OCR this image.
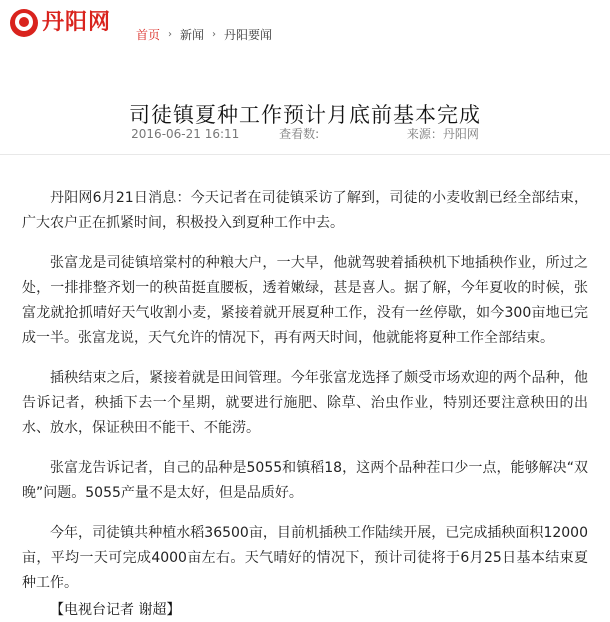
丹阳网 首页 › 新闻 › 丹阳要闻
司徒镇夏种工作预计月底前基本完成
2016-06-21 16:11	查看数:	来源：丹阳网

丹阳网6月21日消息：今天记者在司徒镇采访了解到，司徒的小麦收割已经全部结束，广大农户正在抓紧时间，积极投入到夏种工作中去。

张富龙是司徒镇培棠村的种粮大户，一大早，他就驾驶着插秧机下地插秧作业，所过之处，一排排整齐划一的秧苗挺直腰板，透着嫩绿，甚是喜人。据了解，今年夏收的时候，张富龙就抢抓晴好天气收割小麦，紧接着就开展夏种工作，没有一丝停歇，如今300亩地已完成一半。张富龙说，天气允许的情况下，再有两天时间，他就能将夏种工作全部结束。

插秧结束之后，紧接着就是田间管理。今年张富龙选择了颇受市场欢迎的两个品种，他告诉记者，秧插下去一个星期，就要进行施肥、除草、治虫作业，特别还要注意秧田的出水、放水，保证秧田不能干、不能涝。

张富龙告诉记者，自己的品种是5055和镇稻18，这两个品种茬口少一点，能够解决“双晚”问题。5055产量不是太好，但是品质好。

今年，司徒镇共种植水稻36500亩，目前机插秧工作陆续开展，已完成插秧面积12000亩，平均一天可完成4000亩左右。天气晴好的情况下，预计司徒将于6月25日基本结束夏种工作。

【电视台记者 谢超】
